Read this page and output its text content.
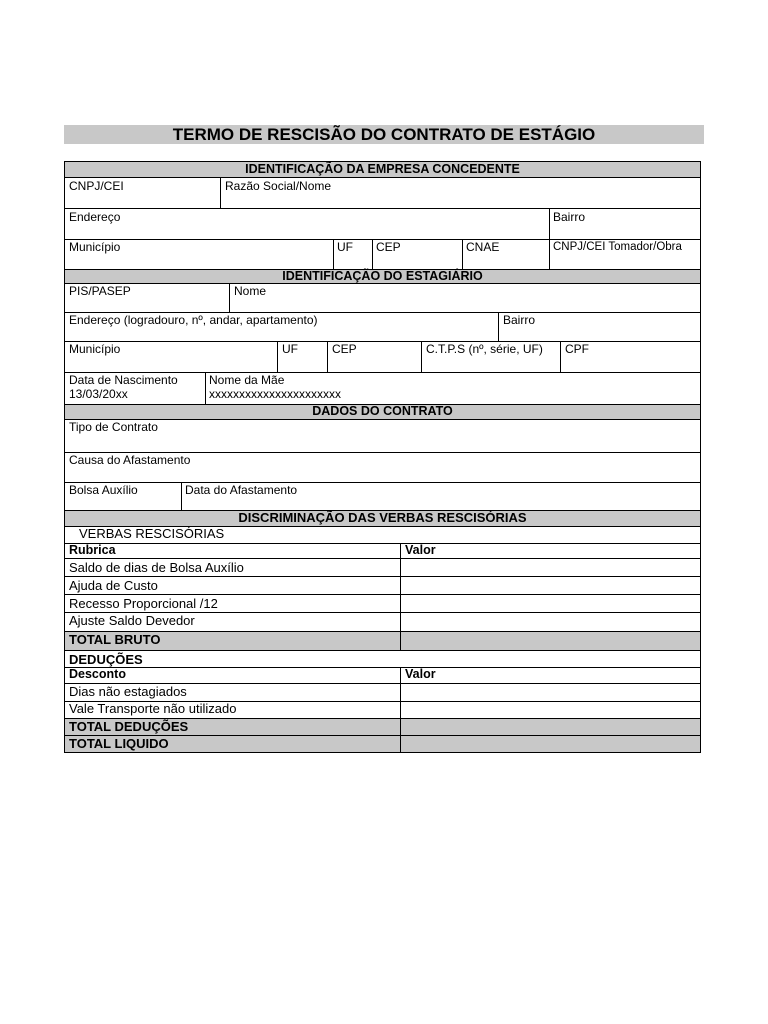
TERMO DE RESCISÃO DO CONTRATO DE ESTÁGIO
IDENTIFICAÇÃO DA EMPRESA CONCEDENTE
CNPJ/CEI	Razão Social/Nome
Endereço	Bairro
Município	UF CEP	CNAE	CNPJ/CEI Tomador/Obra
IDENTIFICAÇÃO DO ESTAGIÁRIO
PIS/PASEP	Nome
Endereço (logradouro, nº, andar, apartamento)	Bairro
Município	UF	CEP	C.T.P.S (nº, série, UF) CPF
Data de Nascimento
13/03/20xx
Nome da Mãe
xxxxxxxxxxxxxxxxxxxxxx
DADOS DO CONTRATO
Tipo de Contrato
Causa do Afastamento
Bolsa Auxílio	Data do Afastamento
DISCRIMINAÇÃO DAS VERBAS RESCISÓRIAS
VERBAS RESCISÓRIAS
Rubrica	Valor
Saldo de dias de Bolsa Auxílio
Ajuda de Custo
Recesso Proporcional /12
Ajuste Saldo Devedor
TOTAL BRUTO
DEDUÇÕES
Desconto	Valor
Dias não estagiados
Vale Transporte não utilizado
TOTAL DEDUÇÕES
TOTAL LIQUIDO
